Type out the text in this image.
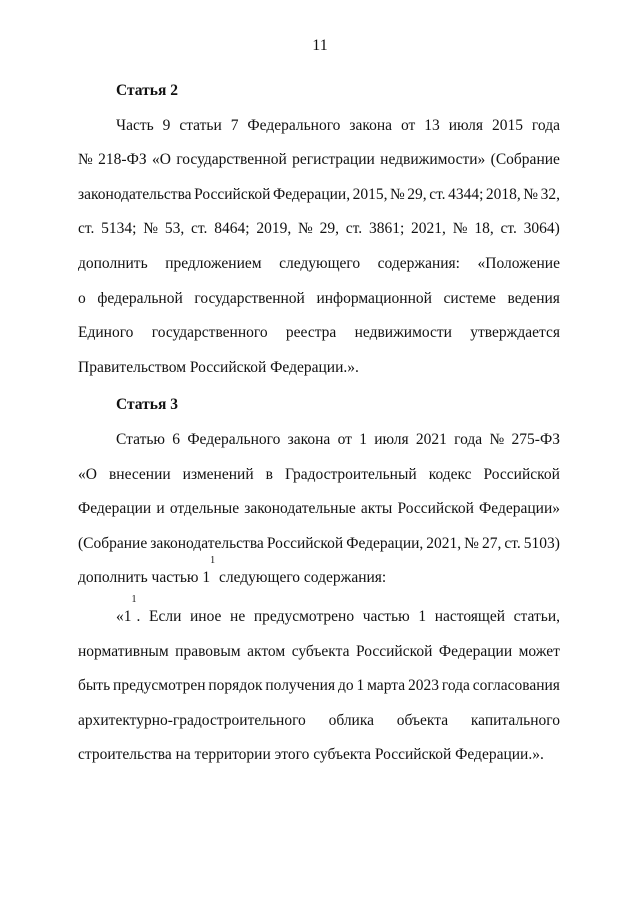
11

Статья 2

Часть 9 статьи 7 Федерального закона от 13 июля 2015 года
№ 218-ФЗ «О государственной регистрации недвижимости» (Собрание
законодательства Российской Федерации, 2015, № 29, ст. 4344; 2018, № 32,
ст. 5134; № 53, ст. 8464; 2019, № 29, ст. 3861; 2021, № 18, ст. 3064)
дополнить предложением следующего содержания: «Положение
о федеральной государственной информационной системе ведения
Единого государственного реестра недвижимости утверждается
Правительством Российской Федерации.».

Статья 3

Статью 6 Федерального закона от 1 июля 2021 года № 275-ФЗ
«О внесении изменений в Градостроительный кодекс Российской
Федерации и отдельные законодательные акты Российской Федерации»
(Собрание законодательства Российской Федерации, 2021, № 27, ст. 5103)
дополнить частью 1
1
следующего содержания:
«1
1
. Если иное не предусмотрено частью 1 настоящей статьи,
нормативным правовым актом субъекта Российской Федерации может
быть предусмотрен порядок получения до 1 марта 2023 года согласования
архитектурно-градостроительного облика объекта капитального
строительства на территории этого субъекта Российской Федерации.».
